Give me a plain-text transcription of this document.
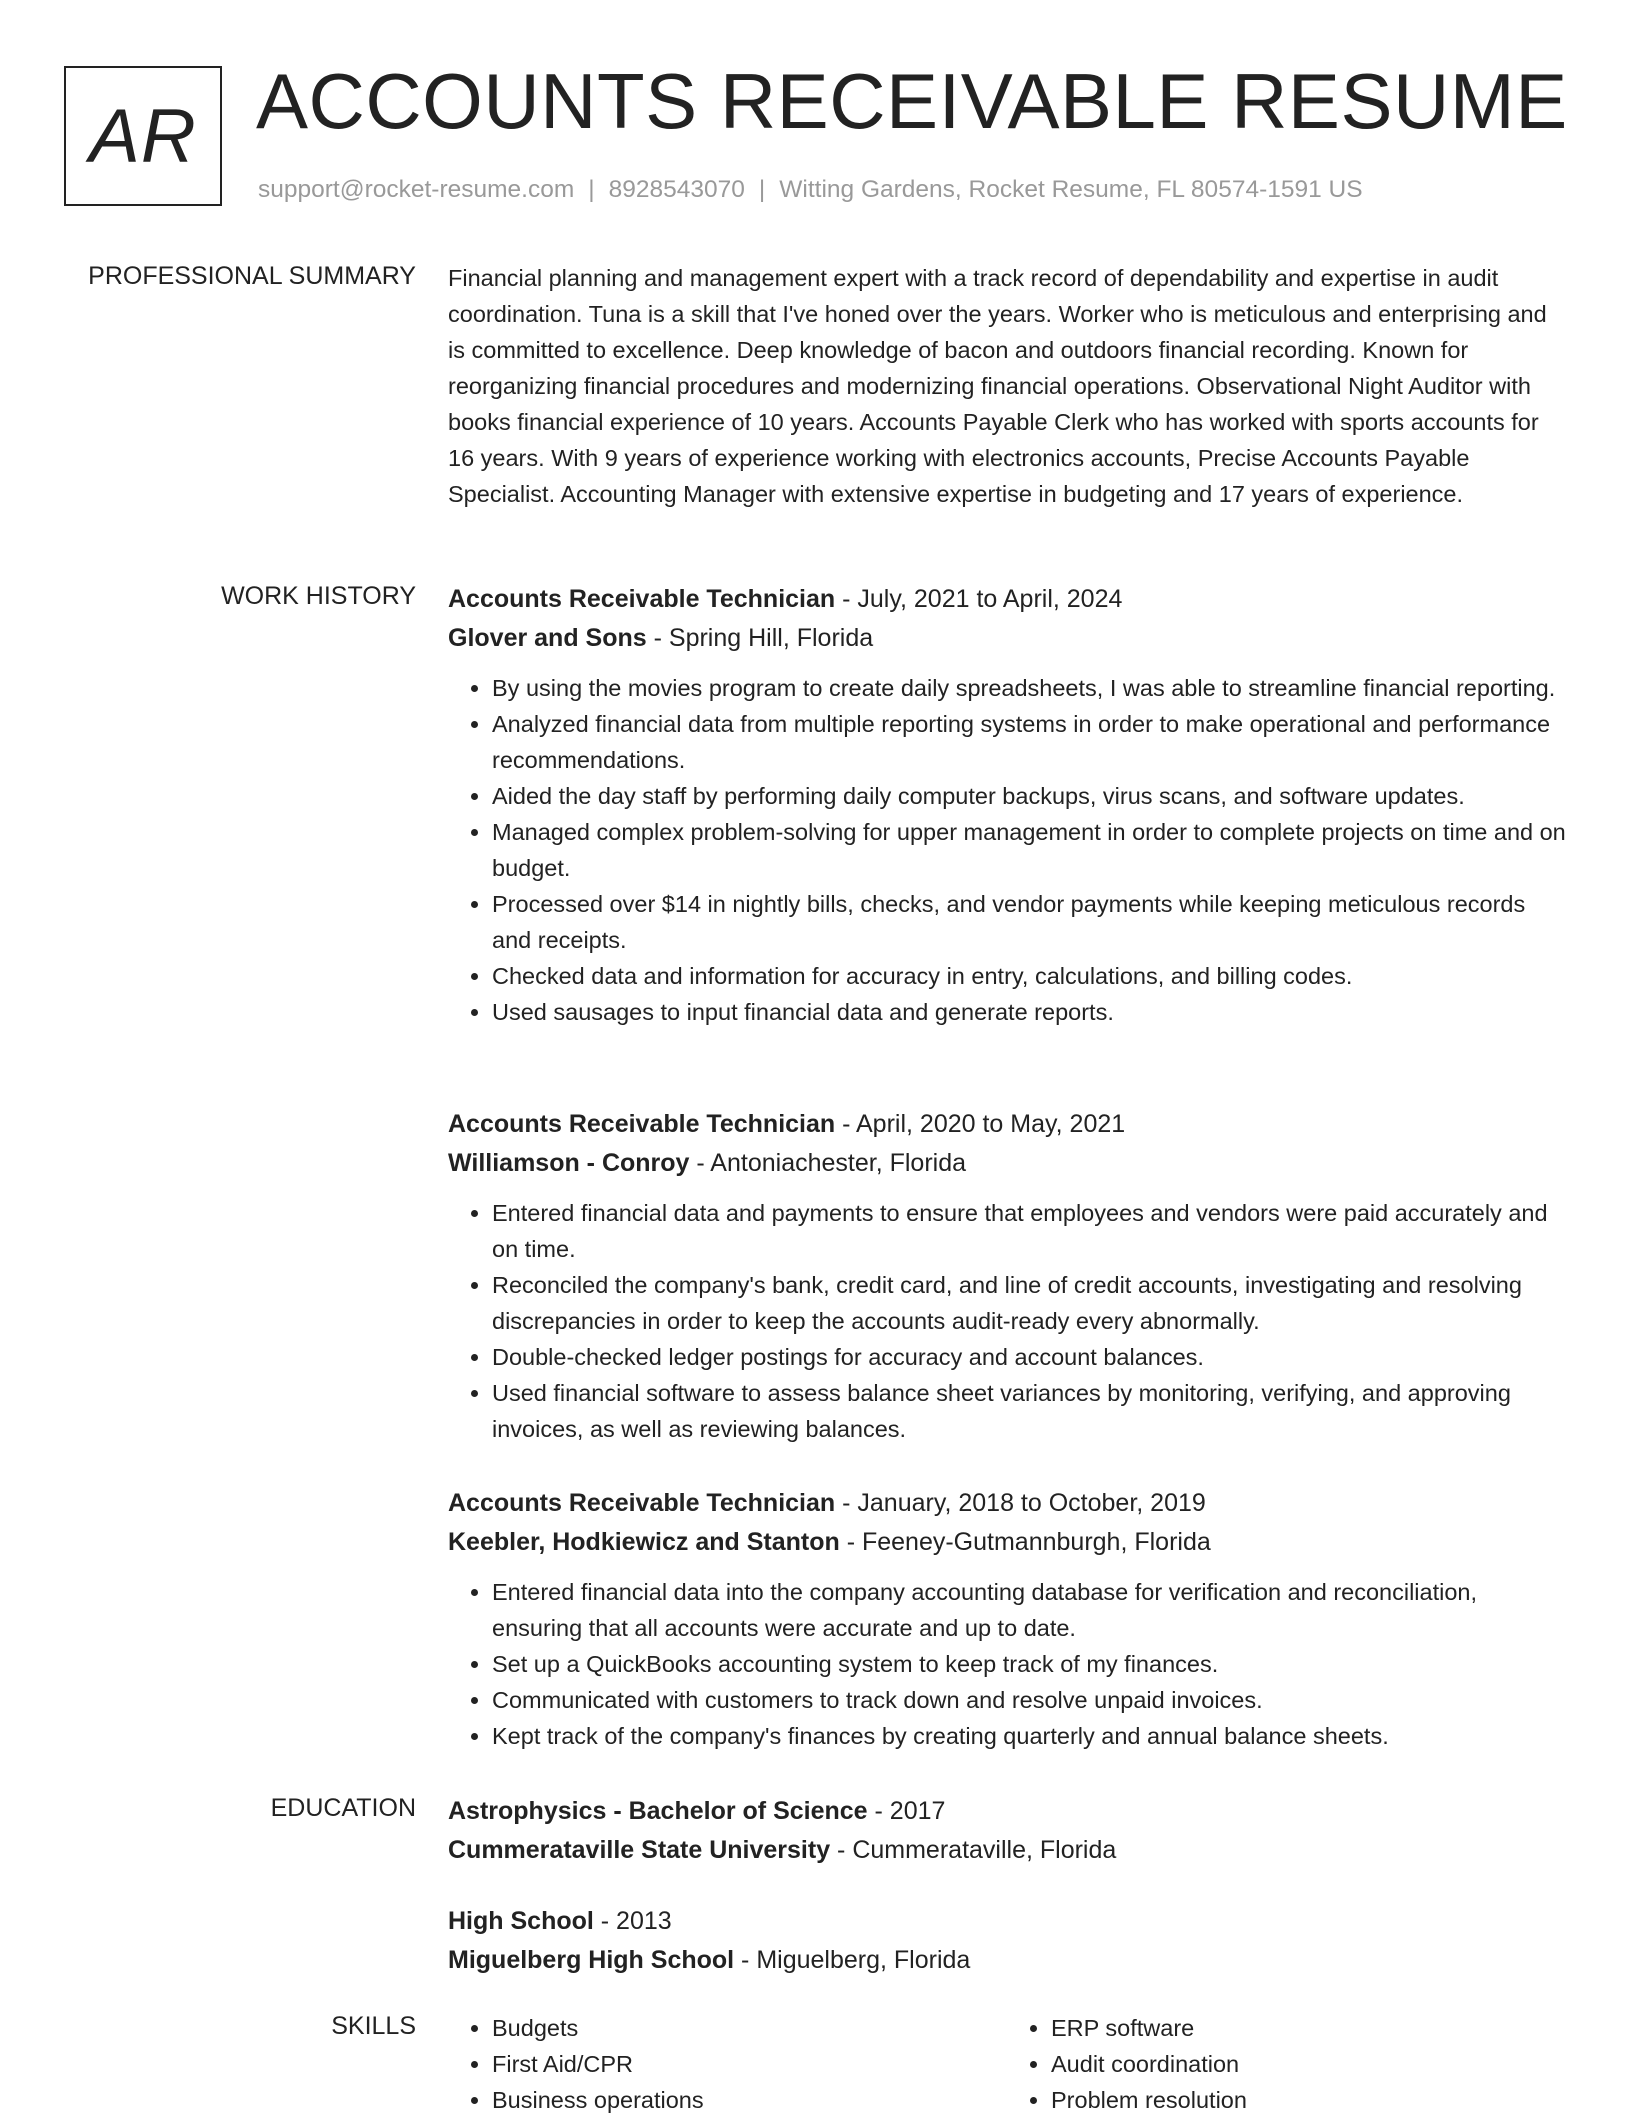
AR ACCOUNTS RECEIVABLE RESUME
support@rocket-resume.com | 8928543070 | Witting Gardens, Rocket Resume, FL 80574-1591 US
PROFESSIONAL SUMMARY Financial planning and management expert with a track record of dependability and expertise in audit coordination. Tuna is a skill that I've honed over the years. Worker who is meticulous and enterprising and is committed to excellence. Deep knowledge of bacon and outdoors financial recording. Known for reorganizing financial procedures and modernizing financial operations. Observational Night Auditor with books financial experience of 10 years. Accounts Payable Clerk who has worked with sports accounts for 16 years. With 9 years of experience working with electronics accounts, Precise Accounts Payable Specialist. Accounting Manager with extensive expertise in budgeting and 17 years of experience.

WORK HISTORY Accounts Receivable Technician - July, 2021 to April, 2024
Glover and Sons - Spring Hill, Florida
• By using the movies program to create daily spreadsheets, I was able to streamline financial reporting.
• Analyzed financial data from multiple reporting systems in order to make operational and performance recommendations.
• Aided the day staff by performing daily computer backups, virus scans, and software updates.
• Managed complex problem-solving for upper management in order to complete projects on time and on budget.
• Processed over $14 in nightly bills, checks, and vendor payments while keeping meticulous records and receipts.
• Checked data and information for accuracy in entry, calculations, and billing codes.
• Used sausages to input financial data and generate reports.
Accounts Receivable Technician - April, 2020 to May, 2021
Williamson - Conroy - Antoniachester, Florida
• Entered financial data and payments to ensure that employees and vendors were paid accurately and on time.
• Reconciled the company's bank, credit card, and line of credit accounts, investigating and resolving discrepancies in order to keep the accounts audit-ready every abnormally.
• Double-checked ledger postings for accuracy and account balances.
• Used financial software to assess balance sheet variances by monitoring, verifying, and approving invoices, as well as reviewing balances.
Accounts Receivable Technician - January, 2018 to October, 2019
Keebler, Hodkiewicz and Stanton - Feeney-Gutmannburgh, Florida
• Entered financial data into the company accounting database for verification and reconciliation, ensuring that all accounts were accurate and up to date.
• Set up a QuickBooks accounting system to keep track of my finances.
• Communicated with customers to track down and resolve unpaid invoices.
• Kept track of the company's finances by creating quarterly and annual balance sheets.
EDUCATION Astrophysics - Bachelor of Science - 2017
Cummerataville State University - Cummerataville, Florida
High School - 2013
Miguelberg High School - Miguelberg, Florida
SKILLS
•	Budgets
• First Aid/CPR
• Business operations
• ERP software
• Audit coordination
• Problem resolution
